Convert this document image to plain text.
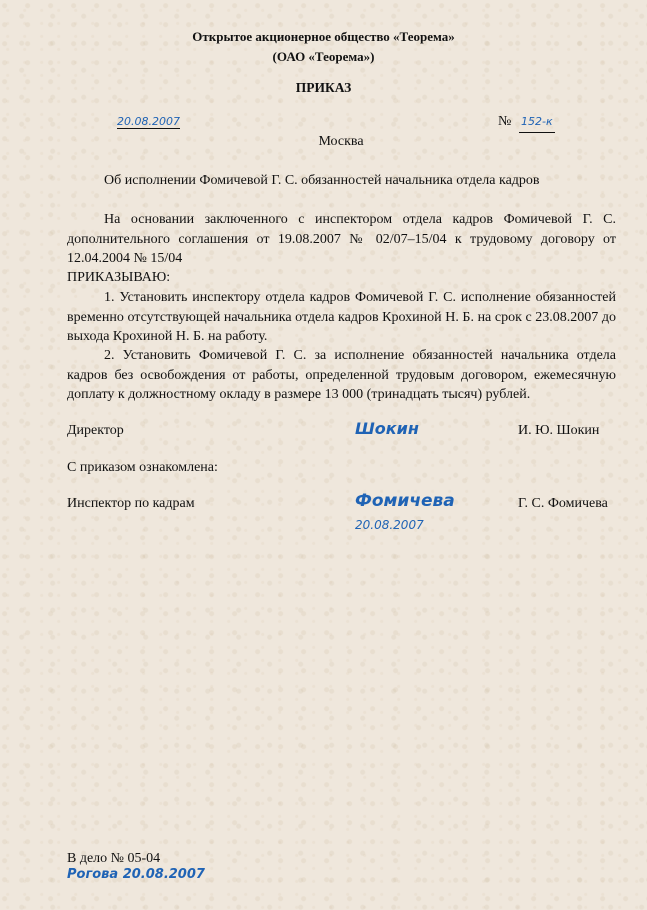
Открытое акционерное общество «Теорема»
(ОАО «Теорема»)
ПРИКАЗ
20.08.2007	№ 152-к
Москва
Об исполнении Фомичевой Г. С. обязанностей начальника отдела кадров
На основании заключенного с инспектором отдела кадров Фомичевой Г. С. дополнительного соглашения от 19.08.2007 № 02/07–15/04 к трудовому договору от 12.04.2004 № 15/04
ПРИКАЗЫВАЮ:
1. Установить инспектору отдела кадров Фомичевой Г. С. исполнение обязанностей временно отсутствующей начальника отдела кадров Крохиной Н. Б. на срок с 23.08.2007 до выхода Крохиной Н. Б. на работу.
2. Установить Фомичевой Г. С. за исполнение обязанностей начальника отдела кадров без освобождения от работы, определенной трудовым договором, ежемесячную доплату к должностному окладу в размере 13 000 (тринадцать тысяч) рублей.
Директор	Шокин	И. Ю. Шокин
С приказом ознакомлена:
Инспектор по кадрам	Фомичева
20.08.2007
Г. С. Фомичева
В дело № 05-04
Рогова 20.08.2007
